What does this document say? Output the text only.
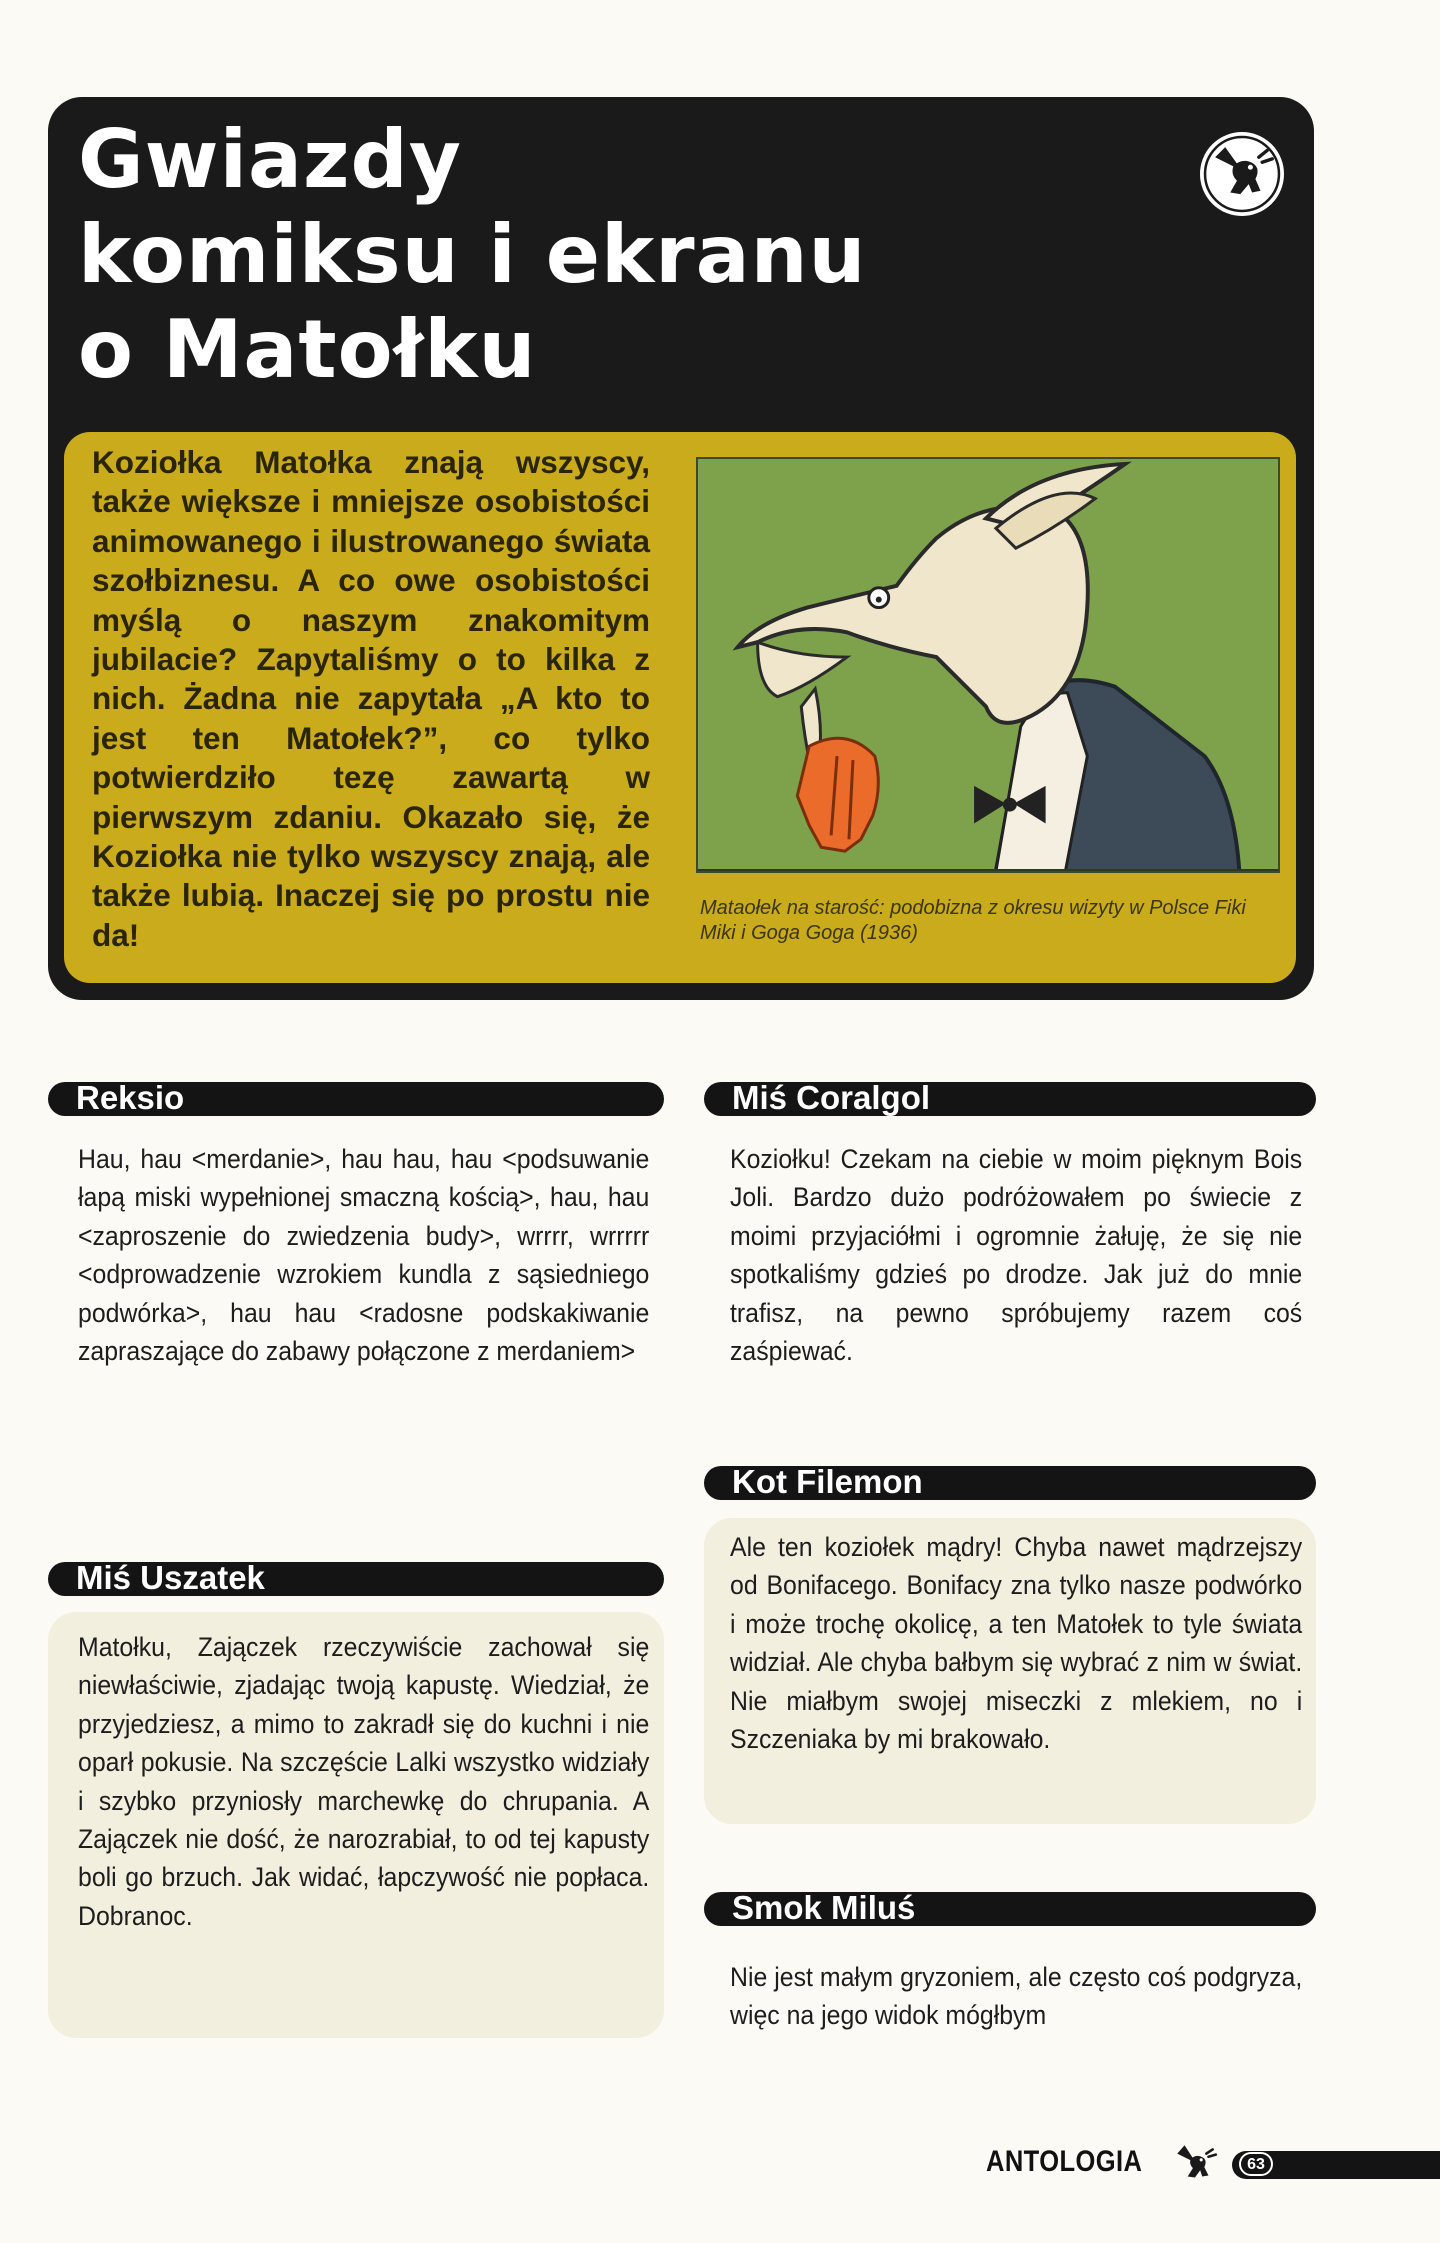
Gwiazdy
komiksu i ekranu
o Matołku

Koziołka Matołka znają wszyscy, także większe i mniejsze osobistości animowanego i ilustrowanego świata szołbiznesu. A co owe osobistości myślą o naszym znakomitym jubilacie? Zapytaliśmy o to kilka z nich. Żadna nie zapytała „A kto to jest ten Matołek?”, co tylko potwierdziło tezę zawartą w pierwszym zdaniu. Okazało się, że Koziołka nie tylko wszyscy znają, ale także lubią. Inaczej się po prostu nie da!

Mataołek na starość: podobizna z okresu wizyty w Polsce Fiki Miki i Goga Goga (1936)

Reksio

Hau, hau <merdanie>, hau hau, hau <podsuwanie łapą miski wypełnionej smaczną kością>, hau, hau <zaproszenie do zwiedzenia budy>, wrrrr, wrrrrr <odprowadzenie wzrokiem kundla z sąsiedniego podwórka>, hau hau <radosne podskakiwanie zapraszające do zabawy połączone z merdaniem>

Miś Uszatek

Matołku, Zajączek rzeczywiście zachował się niewłaściwie, zjadając twoją kapustę. Wiedział, że przyjedziesz, a mimo to zakradł się do kuchni i nie oparł pokusie. Na szczęście Lalki wszystko widziały i szybko przyniosły marchewkę do chrupania. A Zajączek nie dość, że narozrabiał, to od tej kapusty boli go brzuch. Jak widać, łapczywość nie popłaca. Dobranoc.

Miś Coralgol

Koziołku! Czekam na ciebie w moim pięknym Bois Joli. Bardzo dużo podróżowałem po świecie z moimi przyjaciółmi i ogromnie żałuję, że się nie spotkaliśmy gdzieś po drodze. Jak już do mnie trafisz, na pewno spróbujemy razem coś zaśpiewać.

Kot Filemon

Ale ten koziołek mądry! Chyba nawet mądrzejszy od Bonifacego. Bonifacy zna tylko nasze podwórko i może trochę okolicę, a ten Matołek to tyle świata widział. Ale chyba bałbym się wybrać z nim w świat. Nie miałbym swojej miseczki z mlekiem, no i Szczeniaka by mi brakowało.

Smok Miluś

Nie jest małym gryzoniem, ale często coś podgryza, więc na jego widok mógłbym

ANTOLOGIA	63
